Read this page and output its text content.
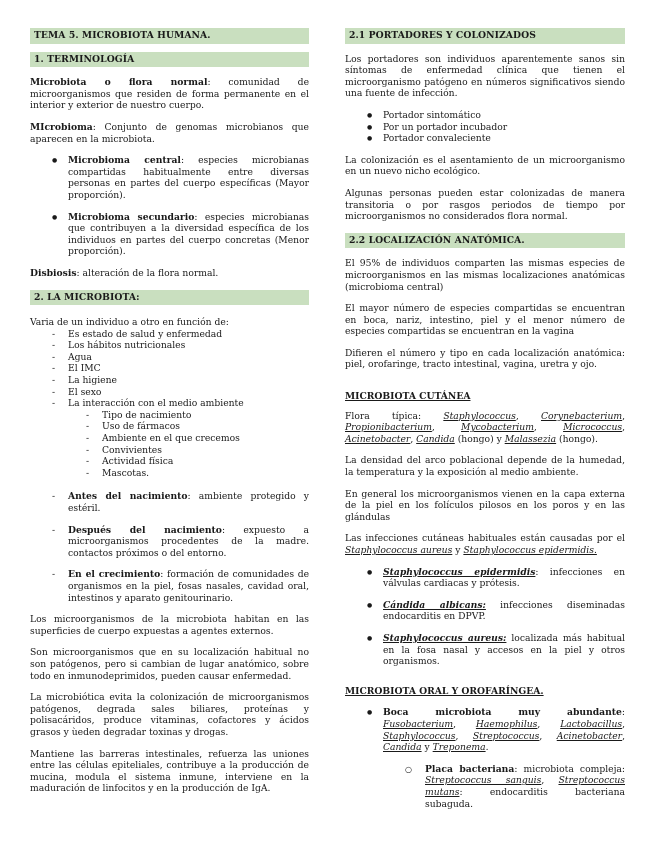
TEMA 5. MICROBIOTA HUMANA.
1. TERMINOLOGÍA

Microbiota o flora normal: comunidad de microorganismos que residen de forma permanente en el interior y exterior de nuestro cuerpo.

MIcrobioma: Conjunto de genomas microbianos que aparecen en la microbiota.

● Microbioma central: especies microbianas compartidas habitualmente entre diversas personas en partes del cuerpo específicas (Mayor proporción).
● Microbioma secundario: especies microbianas que contribuyen a la diversidad específica de los individuos en partes del cuerpo concretas (Menor proporción).

Disbiosis: alteración de la flora normal.

2. LA MICROBIOTA:
Varia de un individuo a otro en función de:
- Es estado de salud y enfermedad
- Los hábitos nutricionales
- Agua
- El IMC
- La higiene
- El sexo
- La interacción con el medio ambiente
- Tipo de nacimiento
- Uso de fármacos
- Ambiente en el que crecemos
- Convivientes
- Actividad física
- Mascotas.
- Antes del nacimiento: ambiente protegido y estéril.
- Después del nacimiento: expuesto a microorganismos procedentes de la madre. contactos próximos o del entorno.
- En el crecimiento: formación de comunidades de organismos en la piel, fosas nasales, cavidad oral, intestinos y aparato genitourinario.

Los microorganismos de la microbiota habitan en las superficies de cuerpo expuestas a agentes externos.

Son microorganismos que en su localización habitual no son patógenos, pero si cambian de lugar anatómico, sobre todo en inmunodeprimidos, pueden causar enfermedad.

La microbiótica evita la colonización de microorganismos patógenos, degrada sales biliares, proteínas y polisacáridos, produce vitaminas, cofactores y ácidos grasos y ùeden degradar toxinas y drogas.

Mantiene las barreras intestinales, refuerza las uniones entre las células epiteliales, contribuye a la producción de mucina, modula el sistema inmune, interviene en la maduración de linfocitos y en la producción de IgA.

2.1 PORTADORES Y COLONIZADOS

Los portadores son individuos aparentemente sanos sin síntomas de enfermedad clínica que tienen el microorganismo patógeno en números significativos siendo una fuente de infección.

● Portador sintomático
● Por un portador incubador
● Portador convaleciente

La colonización es el asentamiento de un microorganismo en un nuevo nicho ecológico.

Algunas personas pueden estar colonizadas de manera transitoria o por rasgos periodos de tiempo por microorganismos no considerados flora normal.

2.2 LOCALIZACIÓN ANATÓMICA.

El 95% de individuos comparten las mismas especies de microorganismos en las mismas localizaciones anatómicas (microbioma central)

El mayor número de especies compartidas se encuentran en boca, nariz, intestino, piel y el menor número de especies compartidas se encuentran en la vagina

Difieren el número y tipo en cada localización anatómica: piel, orofaringe, tracto intestinal, vagina, uretra y ojo.

MICROBIOTA CUTÁNEA

Flora típica: Staphylococcus, Corynebacterium, Propionibacterium, Mycobacterium, Micrococcus, Acinetobacter, Candida (hongo) y Malassezia (hongo).

La densidad del arco poblacional depende de la humedad, la temperatura y la exposición al medio ambiente.

En general los microorganismos vienen en la capa externa de la piel en los folículos pilosos en los poros y en las glándulas

Las infecciones cutáneas habituales están causadas por el Staphylococcus aureus y Staphylococcus epidermidis.

● Staphylococcus epidermidis: infecciones en válvulas cardiacas y prótesis.
● Cándida albicans: infecciones diseminadas endocarditis en DPVP.
● Staphylococcus aureus: localizada más habitual en la fosa nasal y accesos en la piel y otros organismos.
MICROBIOTA ORAL Y OROFARÍNGEA.
● Boca microbiota muy abundante: Fusobacterium, Haemophilus, Lactobacillus, Staphylococcus, Streptococcus, Acinetobacter, Candida y Treponema.
○ Placa bacteriana: microbiota compleja: Streptococcus sanguis, Streptococcus mutans: endocarditis bacteriana subaguda.
